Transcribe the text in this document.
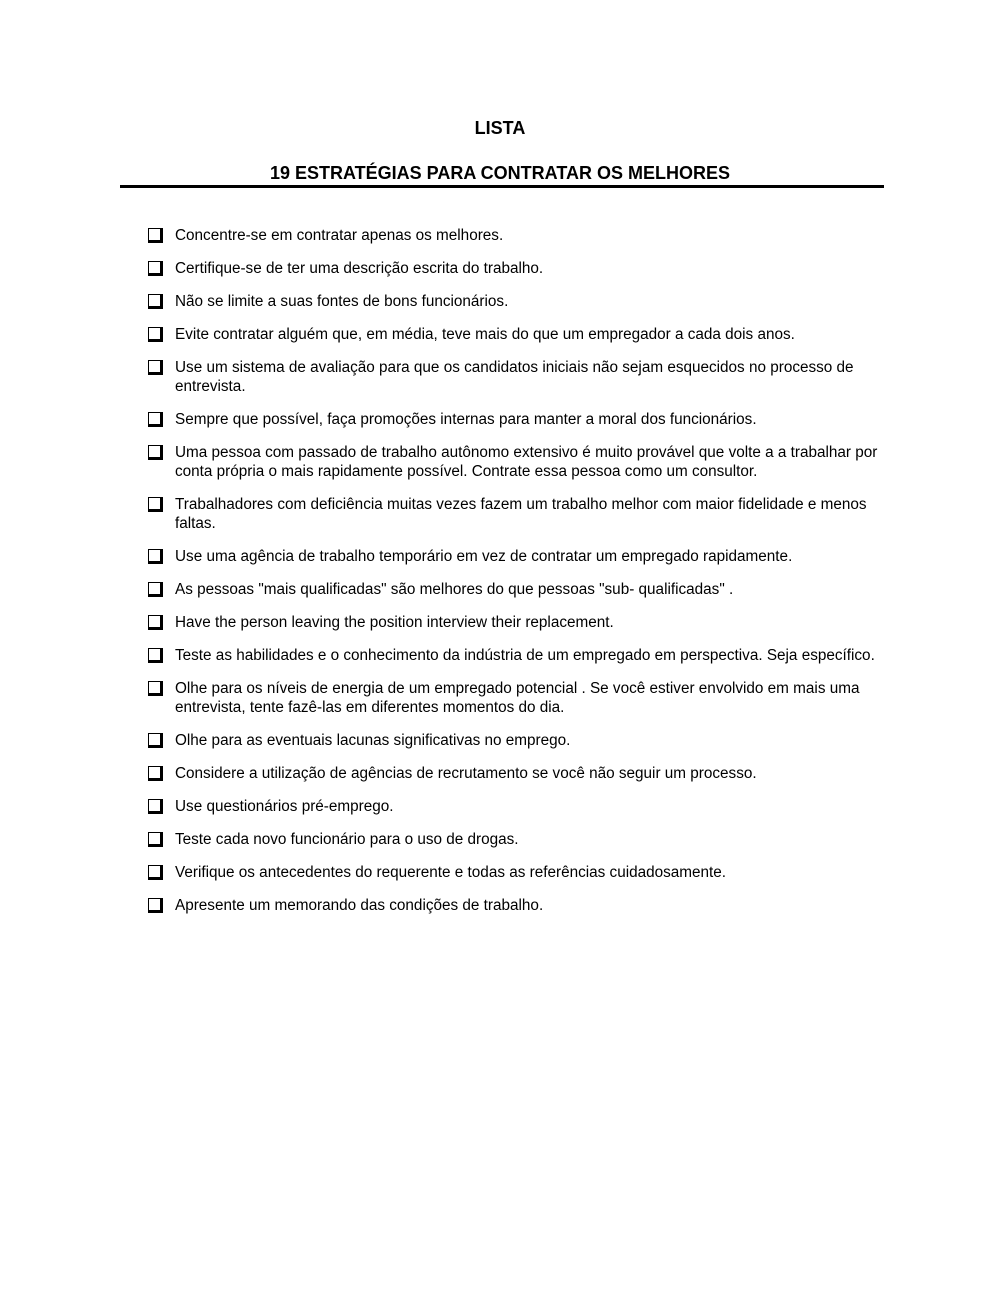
LISTA
19 ESTRATÉGIAS PARA CONTRATAR OS MELHORES
Concentre-se em contratar apenas os melhores.
Certifique-se de ter uma descrição escrita do trabalho.
Não se limite a suas fontes de bons funcionários.
Evite contratar alguém que, em média, teve mais do que um empregador a cada dois anos.
Use um sistema de avaliação para que os candidatos iniciais não sejam esquecidos no processo de entrevista.
Sempre que possível, faça promoções internas para manter a moral dos funcionários.
Uma pessoa com passado de trabalho autônomo extensivo é muito provável que volte a a trabalhar por conta própria o mais rapidamente possível. Contrate essa pessoa como um consultor.
Trabalhadores com deficiência muitas vezes fazem um trabalho melhor com maior fidelidade e menos faltas.
Use uma agência de trabalho temporário em vez de contratar um empregado rapidamente.
As pessoas "mais qualificadas" são melhores do que pessoas "sub- qualificadas" .
Have the person leaving the position interview their replacement.
Teste as habilidades e o conhecimento da indústria de um empregado em perspectiva. Seja específico.
Olhe para os níveis de energia de um empregado potencial . Se você estiver envolvido em mais uma entrevista, tente fazê-las em diferentes momentos do dia.
Olhe para as eventuais lacunas significativas no emprego.
Considere a utilização de agências de recrutamento se você não seguir um processo.
Use questionários pré-emprego.
Teste cada novo funcionário para o uso de drogas.
Verifique os antecedentes do requerente e todas as referências cuidadosamente.
Apresente um memorando das condições de trabalho.
